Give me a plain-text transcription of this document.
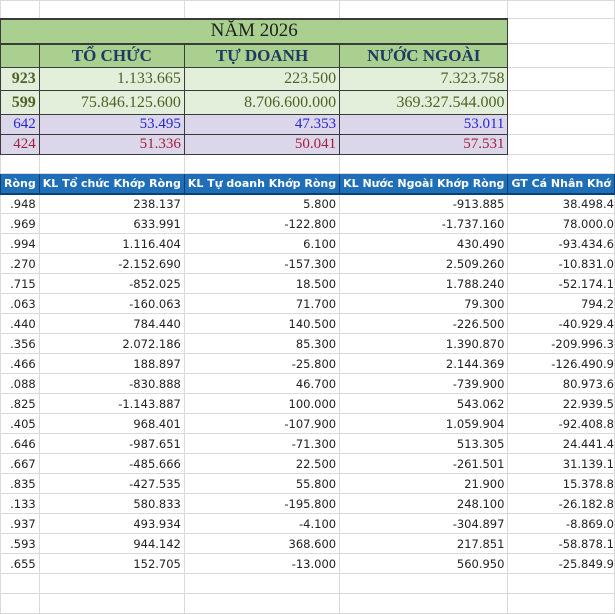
NĂM 2026				
	TỔ CHỨC	TỰ DOANH	NƯỚC NGOÀI	
923	1.133.665	223.500	7.323.758	
599	75.846.125.600	8.706.600.000	369.327.544.000	
642	53.495	47.353	53.011	
424	51.336	50.041	57.531	

Ròng	KL Tổ chức Khớp Ròng	KL Tự doanh Khớp Ròng	KL Nước Ngoài Khớp Ròng	GT Cá Nhân Khớ
.948	238.137	5.800	-913.885	38.498.4
.969	633.991	-122.800	-1.737.160	78.000.0
.994	1.116.404	6.100	430.490	-93.434.6
.270	-2.152.690	-157.300	2.509.260	-10.831.0
.715	-852.025	18.500	1.788.240	-52.174.1
.063	-160.063	71.700	79.300	794.2
.440	784.440	140.500	-226.500	-40.929.4
.356	2.072.186	85.300	1.390.870	-209.996.3
.466	188.897	-25.800	2.144.369	-126.490.9
.088	-830.888	46.700	-739.900	80.973.6
.825	-1.143.887	100.000	543.062	22.939.5
.405	968.401	-107.900	1.059.904	-92.408.8
.646	-987.651	-71.300	513.305	24.441.4
.667	-485.666	22.500	-261.501	31.139.1
.835	-427.535	55.800	21.900	15.378.8
.133	580.833	-195.800	248.100	-26.182.8
.937	493.934	-4.100	-304.897	-8.869.0
.593	944.142	368.600	217.851	-58.878.1
.655	152.705	-13.000	560.950	-25.849.9
